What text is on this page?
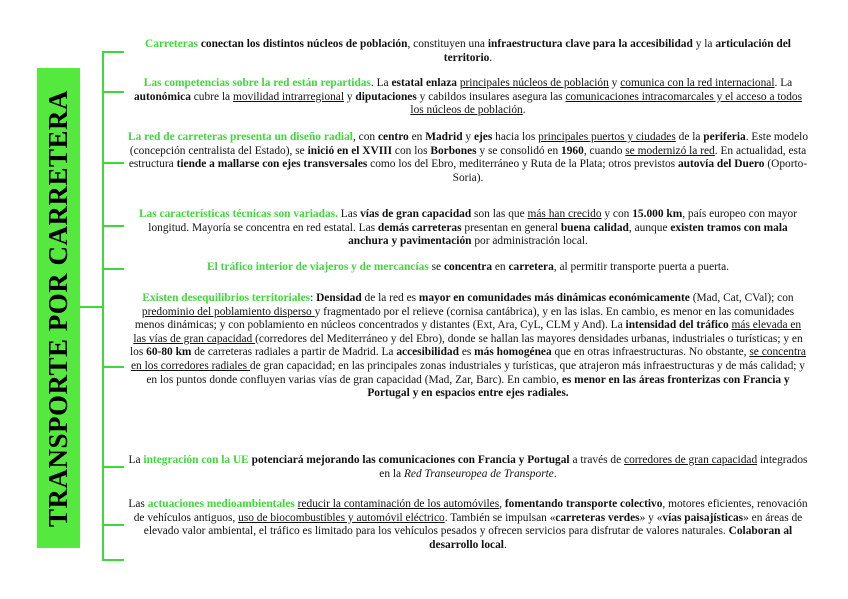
TRANSPORTE POR CARRETERA
Carreteras conectan los distintos núcleos de población, constituyen una infraestructura clave para la accesibilidad y la articulación del territorio.
Las competencias sobre la red están repartidas. La estatal enlaza principales núcleos de población y comunica con la red internacional. La autonómica cubre la movilidad intrarregional y diputaciones y cabildos insulares asegura las comunicaciones intracomarcales y el acceso a todos los núcleos de población.
La red de carreteras presenta un diseño radial, con centro en Madrid y ejes hacia los principales puertos y ciudades de la periferia. Este modelo (concepción centralista del Estado), se inició en el XVIII con los Borbones y se consolidó en 1960, cuando se modernizó la red. En actualidad, esta estructura tiende a mallarse con ejes transversales como los del Ebro, mediterráneo y Ruta de la Plata; otros previstos autovía del Duero (Oporto-Soria).
Las características técnicas son variadas. Las vías de gran capacidad son las que más han crecido y con 15.000 km, país europeo con mayor longitud. Mayoría se concentra en red estatal. Las demás carreteras presentan en general buena calidad, aunque existen tramos con mala anchura y pavimentación por administración local.
El tráfico interior de viajeros y de mercancías se concentra en carretera, al permitir transporte puerta a puerta.
Existen desequilibrios territoriales: Densidad de la red es mayor en comunidades más dinámicas económicamente (Mad, Cat, CVal); con predominio del poblamiento disperso y fragmentado por el relieve (cornisa cantábrica), y en las islas. En cambio, es menor en las comunidades menos dinámicas; y con poblamiento en núcleos concentrados y distantes (Ext, Ara, CyL, CLM y And). La intensidad del tráfico más elevada en las vías de gran capacidad (corredores del Mediterráneo y del Ebro), donde se hallan las mayores densidades urbanas, industriales o turísticas; y en los 60-80 km de carreteras radiales a partir de Madrid. La accesibilidad es más homogénea que en otras infraestructuras. No obstante, se concentra en los corredores radiales de gran capacidad; en las principales zonas industriales y turísticas, que atrajeron más infraestructuras y de más calidad; y en los puntos donde confluyen varias vías de gran capacidad (Mad, Zar, Barc). En cambio, es menor en las áreas fronterizas con Francia y Portugal y en espacios entre ejes radiales.
La integración con la UE potenciará mejorando las comunicaciones con Francia y Portugal a través de corredores de gran capacidad integrados en la Red Transeuropea de Transporte.
Las actuaciones medioambientales reducir la contaminación de los automóviles, fomentando transporte colectivo, motores eficientes, renovación de vehículos antiguos, uso de biocombustibles y automóvil eléctrico. También se impulsan «carreteras verdes» y «vías paisajísticas» en áreas de elevado valor ambiental, el tráfico es limitado para los vehículos pesados y ofrecen servicios para disfrutar de valores naturales. Colaboran al desarrollo local.
